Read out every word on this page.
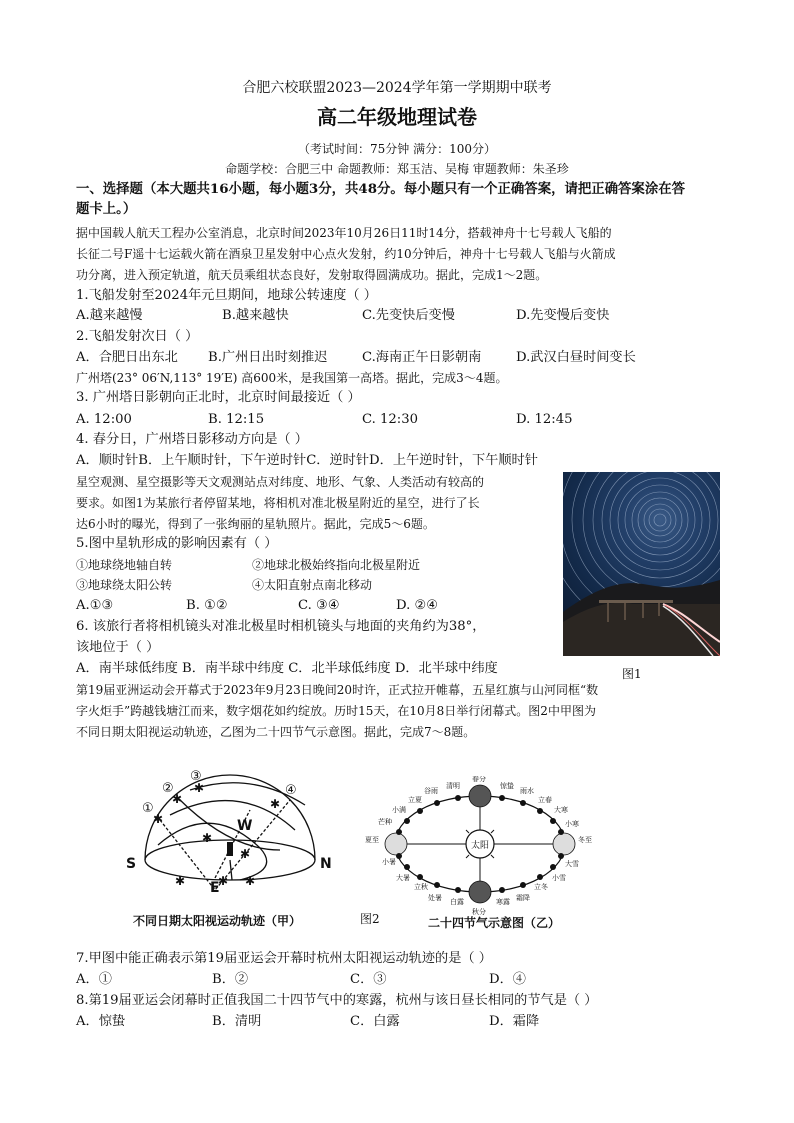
合肥六校联盟2023—2024学年第一学期期中联考
高二年级地理试卷
（考试时间：75分钟 满分：100分）
命题学校：合肥三中 命题教师：郑玉洁、吴梅 审题教师：朱圣珍
一、选择题（本大题共16小题，每小题3分，共48分。每小题只有一个正确答案，请把正确答案涂在答
题卡上。）
据中国载人航天工程办公室消息，北京时间2023年10月26日11时14分，搭载神舟十七号载人飞船的
长征二号F遥十七运载火箭在酒泉卫星发射中心点火发射，约10分钟后，神舟十七号载人飞船与火箭成
功分离，进入预定轨道，航天员乘组状态良好，发射取得圆满成功。据此，完成1～2题。
1.飞船发射至2024年元旦期间，地球公转速度（ ）
A.越来越慢	B.越来越快	C.先变快后变慢	D.先变慢后变快
2.飞船发射次日（ ）
A．合肥日出东北 B.广州日出时刻推迟	C.海南正午日影朝南	D.武汉白昼时间变长
广州塔(23° 06′N,113° 19′E) 高600米，是我国第一高塔。据此，完成3～4题。
3. 广州塔日影朝向正北时，北京时间最接近（ ）
A. 12:00	B. 12:15	C. 12:30	D. 12:45
4. 春分日，广州塔日影移动方向是（ ）
A．顺时针B．上午顺时针，下午逆时针C．逆时针D．上午逆时针，下午顺时针
星空观测、星空摄影等天文观测站点对纬度、地形、气象、人类活动有较高的
要求。如图1为某旅行者停留某地，将相机对准北极星附近的星空，进行了长
达6小时的曝光，得到了一张绚丽的星轨照片。据此，完成5～6题。
5.图中星轨形成的影响因素有（ ）
①地球绕地轴自转	②地球北极始终指向北极星附近
③地球绕太阳公转	④太阳直射点南北移动
A.①③	B. ①②	C. ③④	D. ②④
6. 该旅行者将相机镜头对准北极星时相机镜头与地面的夹角约为38°，
该地位于（ ）
A．南半球低纬度 B．南半球中纬度 C．北半球低纬度 D．北半球中纬度	图1
第19届亚洲运动会开幕式于2023年9月23日晚间20时许，正式拉开帷幕，五星红旗与山河同框“数
字火炬手”跨越钱塘江而来，数字烟花如约绽放。历时15天，在10月8日举行闭幕式。图2中甲图为
不同日期太阳视运动轨迹，乙图为二十四节气示意图。据此，完成7～8题。
S	N
E
W
①
②
③
④
✱
✱
✱
✱
✱
✱
✱	✱ ✱
不同日期太阳视运动轨迹（甲）	图2
太阳
春分
秋分
夏至	冬至
清明
谷雨
立夏
小满
芒种
小暑
大暑
立秋
处暑 白露	寒露 霜降
立冬
小雪
大雪
小寒
大寒
立春
雨水
惊蛰
二十四节气示意图（乙）
7.甲图中能正确表示第19届亚运会开幕时杭州太阳视运动轨迹的是（ ）
A．①	B．②	C．③	D．④
8.第19届亚运会闭幕时正值我国二十四节气中的寒露，杭州与该日昼长相同的节气是（ ）
A．惊蛰	B．清明	C．白露	D．霜降
